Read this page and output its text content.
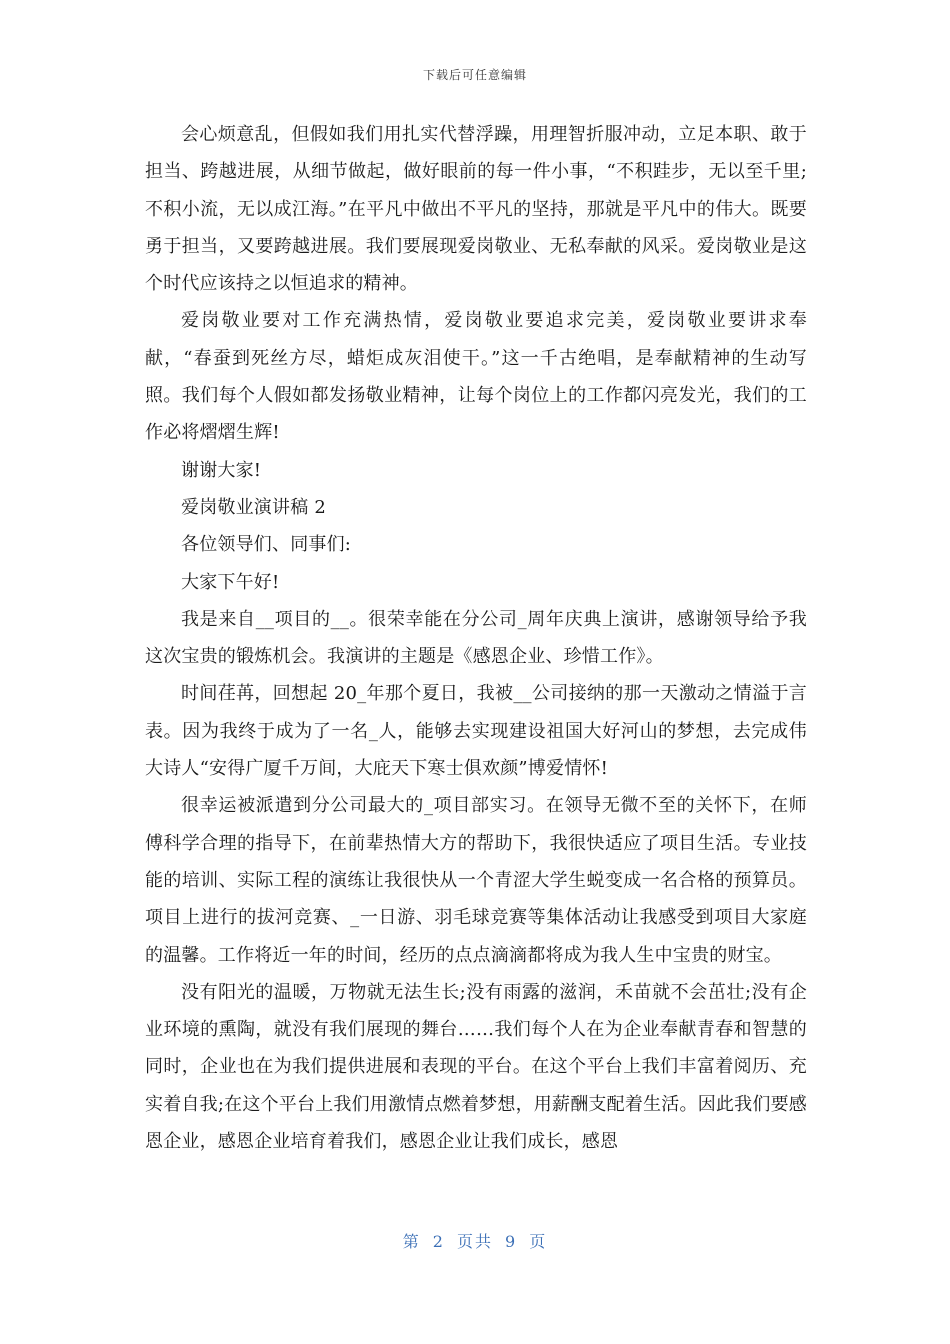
下载后可任意编辑

会心烦意乱，但假如我们用扎实代替浮躁，用理智折服冲动，立足本职、敢于担当、跨越进展，从细节做起，做好眼前的每一件小事，“不积跬步，无以至千里;不积小流，无以成江海。”在平凡中做出不平凡的坚持，那就是平凡中的伟大。既要勇于担当，又要跨越进展。我们要展现爱岗敬业、无私奉献的风采。爱岗敬业是这个时代应该持之以恒追求的精神。

爱岗敬业要对工作充满热情，爱岗敬业要追求完美，爱岗敬业要讲求奉献，“春蚕到死丝方尽，蜡炬成灰泪使干。”这一千古绝唱，是奉献精神的生动写照。我们每个人假如都发扬敬业精神，让每个岗位上的工作都闪亮发光，我们的工作必将熠熠生辉!

谢谢大家!

爱岗敬业演讲稿 2

各位领导们、同事们:

大家下午好!

我是来自__项目的__。很荣幸能在分公司_周年庆典上演讲，感谢领导给予我这次宝贵的锻炼机会。我演讲的主题是《感恩企业、珍惜工作》。

时间荏苒，回想起 20_年那个夏日，我被__公司接纳的那一天激动之情溢于言表。因为我终于成为了一名_人，能够去实现建设祖国大好河山的梦想，去完成伟大诗人“安得广厦千万间，大庇天下寒士俱欢颜”博爱情怀!

很幸运被派遣到分公司最大的_项目部实习。在领导无微不至的关怀下，在师傅科学合理的指导下，在前辈热情大方的帮助下，我很快适应了项目生活。专业技能的培训、实际工程的演练让我很快从一个青涩大学生蜕变成一名合格的预算员。项目上进行的拔河竞赛、_一日游、羽毛球竞赛等集体活动让我感受到项目大家庭的温馨。工作将近一年的时间，经历的点点滴滴都将成为我人生中宝贵的财宝。

没有阳光的温暖，万物就无法生长;没有雨露的滋润，禾苗就不会茁壮;没有企业环境的熏陶，就没有我们展现的舞台……我们每个人在为企业奉献青春和智慧的同时，企业也在为我们提供进展和表现的平台。在这个平台上我们丰富着阅历、充实着自我;在这个平台上我们用激情点燃着梦想，用薪酬支配着生活。因此我们要感恩企业，感恩企业培育着我们，感恩企业让我们成长，感恩

第 2 页共 9 页
